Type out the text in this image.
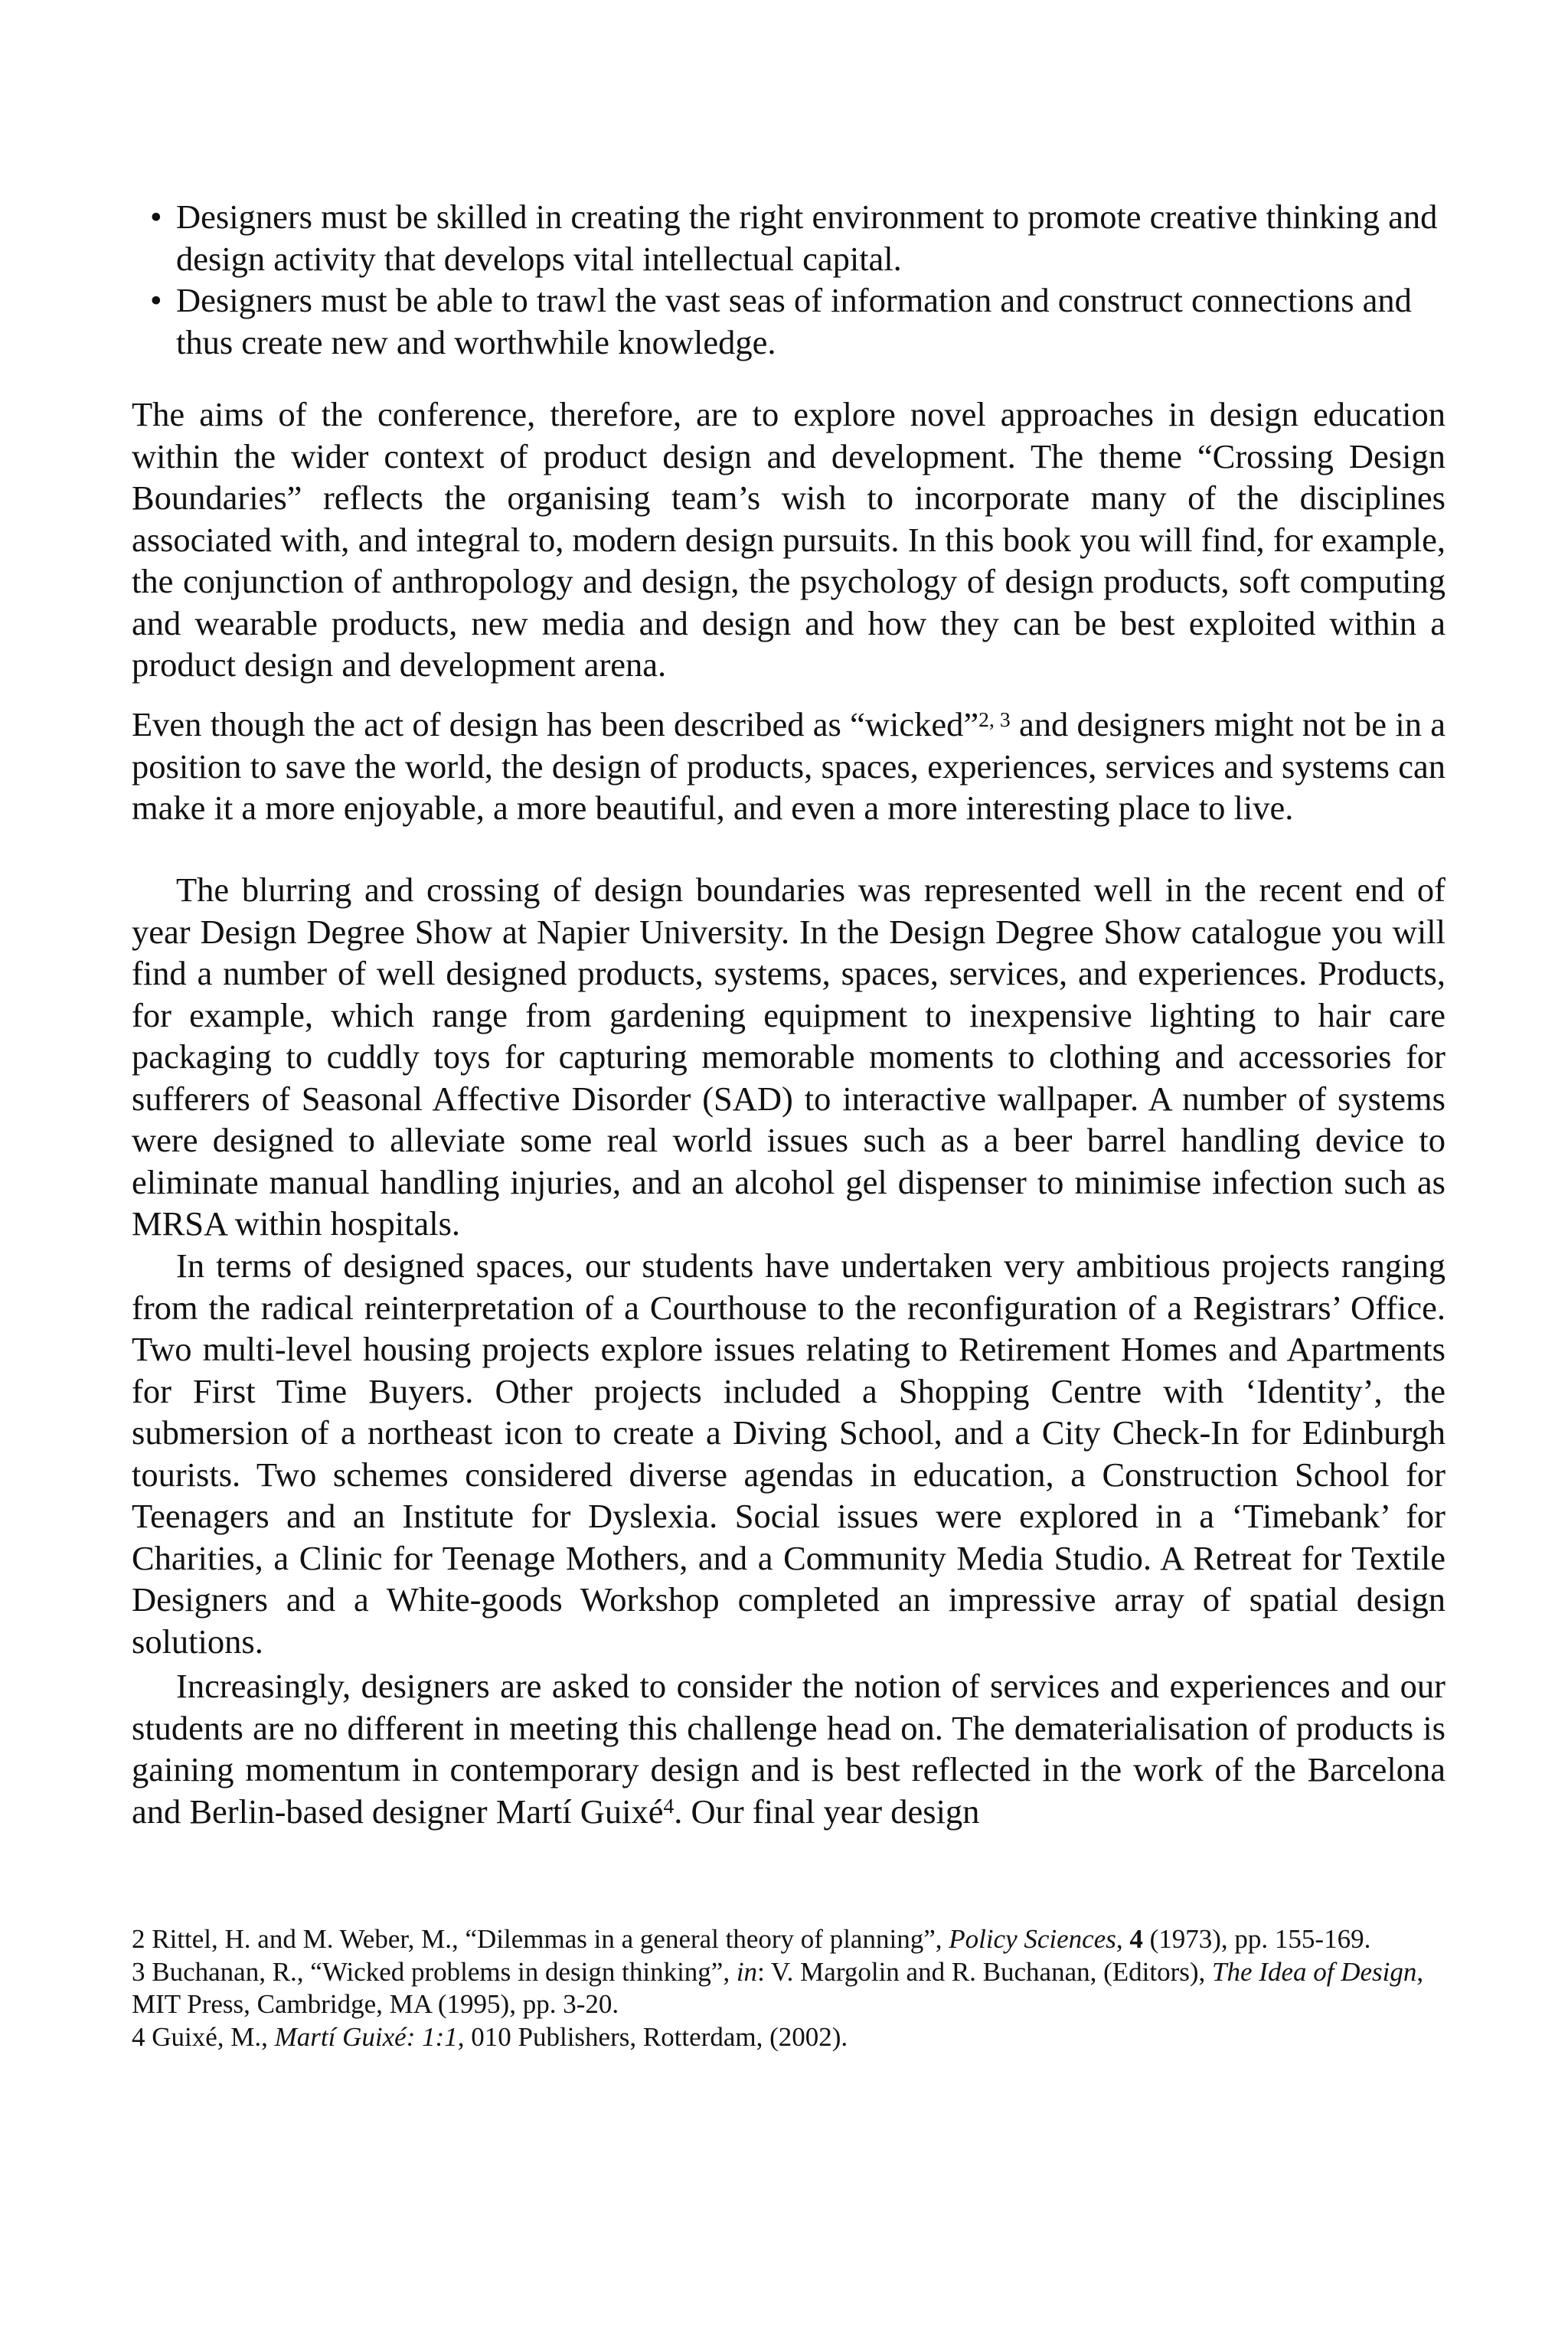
• Designers must be skilled in creating the right environment to promote creative thinking and design activity that develops vital intellectual capital.

• Designers must be able to trawl the vast seas of information and construct connections and thus create new and worthwhile knowledge.

The aims of the conference, therefore, are to explore novel approaches in design education within the wider context of product design and development. The theme “Crossing Design Boundaries” reflects the organising team’s wish to incorporate many of the disciplines associated with, and integral to, modern design pursuits. In this book you will find, for example, the conjunction of anthropology and design, the psychology of design products, soft computing and wearable products, new media and design and how they can be best exploited within a product design and development arena.

Even though the act of design has been described as “wicked”$^{2, 3}$ and designers might not be in a position to save the world, the design of products, spaces, experiences, services and systems can make it a more enjoyable, a more beautiful, and even a more interesting place to live.

The blurring and crossing of design boundaries was represented well in the recent end of year Design Degree Show at Napier University. In the Design Degree Show catalogue you will find a number of well designed products, systems, spaces, services, and experiences. Products, for example, which range from gardening equipment to inexpensive lighting to hair care packaging to cuddly toys for capturing memorable moments to clothing and accessories for sufferers of Seasonal Affective Disorder (SAD) to interactive wallpaper. A number of systems were designed to alleviate some real world issues such as a beer barrel handling device to eliminate manual handling injuries, and an alcohol gel dispenser to minimise infection such as MRSA within hospitals.

In terms of designed spaces, our students have undertaken very ambitious projects ranging from the radical reinterpretation of a Courthouse to the reconfiguration of a Registrars’ Office. Two multi-level housing projects explore issues relating to Retirement Homes and Apartments for First Time Buyers. Other projects included a Shopping Centre with ‘Identity’, the submersion of a northeast icon to create a Diving School, and a City Check-In for Edinburgh tourists. Two schemes considered diverse agendas in education, a Construction School for Teenagers and an Institute for Dyslexia. Social issues were explored in a ‘Timebank’ for Charities, a Clinic for Teenage Mothers, and a Community Media Studio. A Retreat for Textile Designers and a White-goods Workshop completed an impressive array of spatial design solutions.

Increasingly, designers are asked to consider the notion of services and experiences and our students are no different in meeting this challenge head on. The dematerialisation of products is gaining momentum in contemporary design and is best reflected in the work of the Barcelona and Berlin-based designer Martí Guixé$^4$. Our final year design

2 Rittel, H. and M. Weber, M., “Dilemmas in a general theory of planning”, Policy Sciences, 4 (1973), pp. 155-169.

3 Buchanan, R., “Wicked problems in design thinking”, in: V. Margolin and R. Buchanan, (Editors), The Idea of Design, MIT Press, Cambridge, MA (1995), pp. 3-20.

4 Guixé, M., Martí Guixé: 1:1, 010 Publishers, Rotterdam, (2002).
